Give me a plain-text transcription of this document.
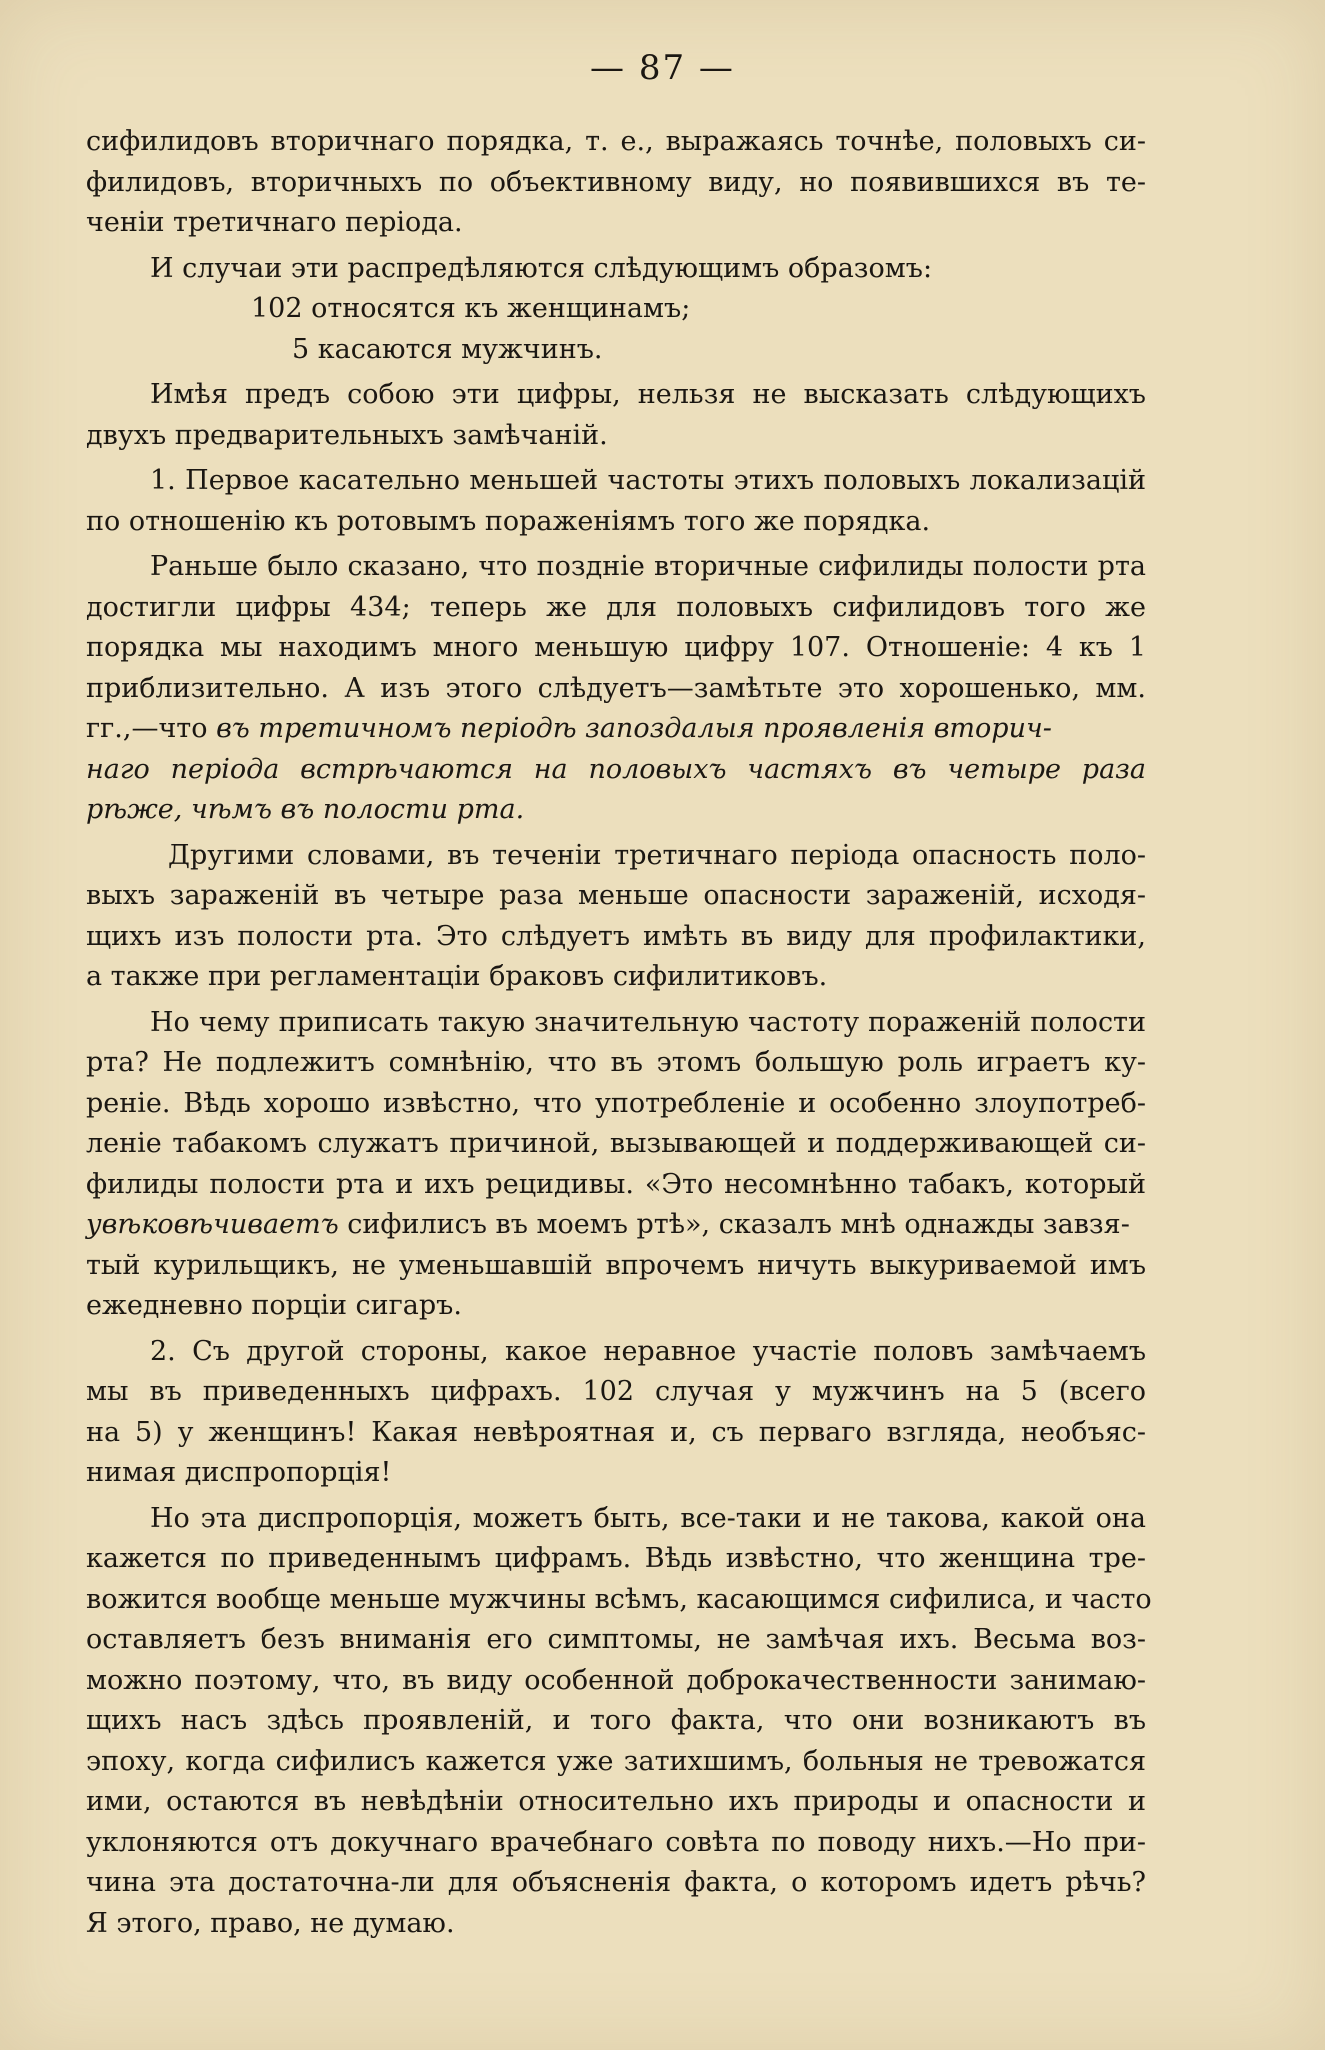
— 87 —
сифилидовъ вторичнаго порядка, т. е., выражаясь точнѣе, половыхъ си-
филидовъ, вторичныхъ по объективному виду, но появившихся въ те-
ченіи третичнаго періода.
И случаи эти распредѣляются слѣдующимъ образомъ:
102 относятся къ женщинамъ;
5 касаются мужчинъ.
Имѣя предъ собою эти цифры, нельзя не высказать слѣдующихъ
двухъ предварительныхъ замѣчаній.
1. Первое касательно меньшей частоты этихъ половыхъ локализацій
по отношенію къ ротовымъ пораженіямъ того же порядка.
Раньше было сказано, что поздніе вторичные сифилиды полости рта
достигли цифры 434; теперь же для половыхъ сифилидовъ того же
порядка мы находимъ много меньшую цифру 107. Отношеніе: 4 къ 1
приблизительно. А изъ этого слѣдуетъ—замѣтьте это хорошенько, мм.
гг.,—что въ третичномъ періодѣ запоздалыя проявленія вторич-
наго періода встрѣчаются на половыхъ частяхъ въ четыре раза
рѣже, чѣмъ въ полости рта.
Другими словами, въ теченіи третичнаго періода опасность поло-
выхъ зараженій въ четыре раза меньше опасности зараженій, исходя-
щихъ изъ полости рта. Это слѣдуетъ имѣть въ виду для профилактики,
а также при регламентаціи браковъ сифилитиковъ.
Но чему приписать такую значительную частоту пораженій полости
рта? Не подлежитъ сомнѣнію, что въ этомъ большую роль играетъ ку-
реніе. Вѣдь хорошо извѣстно, что употребленіе и особенно злоупотреб-
леніе табакомъ служатъ причиной, вызывающей и поддерживающей си-
филиды полости рта и ихъ рецидивы. «Это несомнѣнно табакъ, который
увѣковѣчиваетъ сифилисъ въ моемъ ртѣ», сказалъ мнѣ однажды завзя-
тый курильщикъ, не уменьшавшій впрочемъ ничуть выкуриваемой имъ
ежедневно порціи сигаръ.
2. Съ другой стороны, какое неравное участіе половъ замѣчаемъ
мы въ приведенныхъ цифрахъ. 102 случая у мужчинъ на 5 (всего
на 5) у женщинъ! Какая невѣроятная и, съ перваго взгляда, необъяс-
нимая диспропорція!
Но эта диспропорція, можетъ быть, все-таки и не такова, какой она
кажется по приведеннымъ цифрамъ. Вѣдь извѣстно, что женщина тре-
вожится вообще меньше мужчины всѣмъ, касающимся сифилиса, и часто
оставляетъ безъ вниманія его симптомы, не замѣчая ихъ. Весьма воз-
можно поэтому, что, въ виду особенной доброкачественности занимаю-
щихъ насъ здѣсь проявленій, и того факта, что они возникаютъ въ
эпоху, когда сифилисъ кажется уже затихшимъ, больныя не тревожатся
ими, остаются въ невѣдѣніи относительно ихъ природы и опасности и
уклоняются отъ докучнаго врачебнаго совѣта по поводу нихъ.—Но при-
чина эта достаточна-ли для объясненія факта, о которомъ идетъ рѣчь?
Я этого, право, не думаю.
